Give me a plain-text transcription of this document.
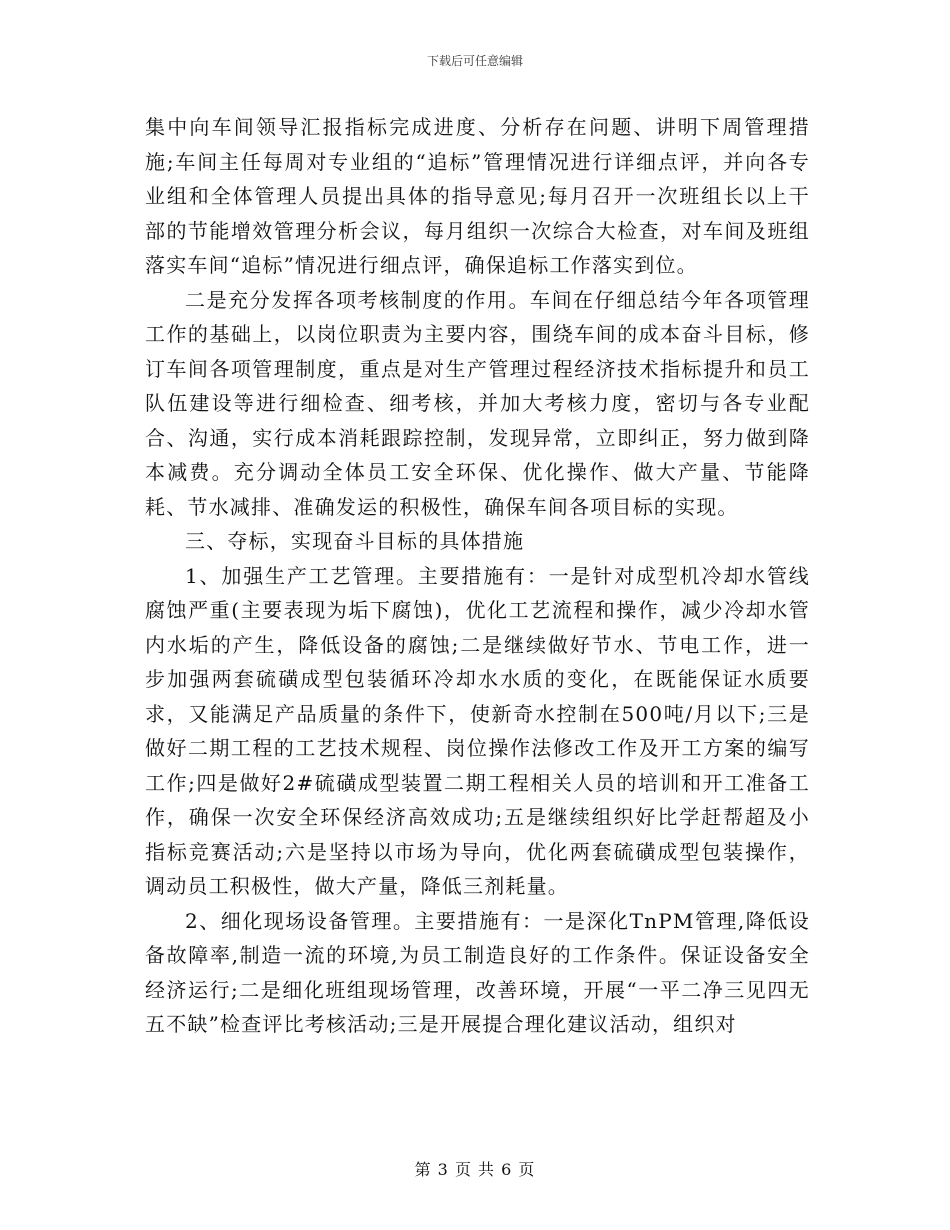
下载后可任意编辑

集中向车间领导汇报指标完成进度、分析存在问题、讲明下周管理措施;车间主任每周对专业组的“追标”管理情况进行详细点评，并向各专业组和全体管理人员提出具体的指导意见;每月召开一次班组长以上干部的节能增效管理分析会议，每月组织一次综合大检查，对车间及班组落实车间“追标”情况进行细点评，确保追标工作落实到位。

二是充分发挥各项考核制度的作用。车间在仔细总结今年各项管理工作的基础上，以岗位职责为主要内容，围绕车间的成本奋斗目标，修订车间各项管理制度，重点是对生产管理过程经济技术指标提升和员工队伍建设等进行细检查、细考核，并加大考核力度，密切与各专业配合、沟通，实行成本消耗跟踪控制，发现异常，立即纠正，努力做到降本减费。充分调动全体员工安全环保、优化操作、做大产量、节能降耗、节水减排、准确发运的积极性，确保车间各项目标的实现。

三、夺标，实现奋斗目标的具体措施

1、加强生产工艺管理。主要措施有：一是针对成型机冷却水管线腐蚀严重(主要表现为垢下腐蚀)，优化工艺流程和操作，减少冷却水管内水垢的产生，降低设备的腐蚀;二是继续做好节水、节电工作，进一步加强两套硫磺成型包装循环冷却水水质的变化，在既能保证水质要求，又能满足产品质量的条件下，使新奇水控制在500吨/月以下;三是做好二期工程的工艺技术规程、岗位操作法修改工作及开工方案的编写工作;四是做好2#硫磺成型装置二期工程相关人员的培训和开工准备工作，确保一次安全环保经济高效成功;五是继续组织好比学赶帮超及小指标竞赛活动;六是坚持以市场为导向，优化两套硫磺成型包装操作，调动员工积极性，做大产量，降低三剂耗量。

2、细化现场设备管理。主要措施有：一是深化TnPM管理,降低设备故障率,制造一流的环境,为员工制造良好的工作条件。保证设备安全经济运行;二是细化班组现场管理，改善环境，开展“一平二净三见四无五不缺”检查评比考核活动;三是开展提合理化建议活动，组织对

第 3 页 共 6 页
